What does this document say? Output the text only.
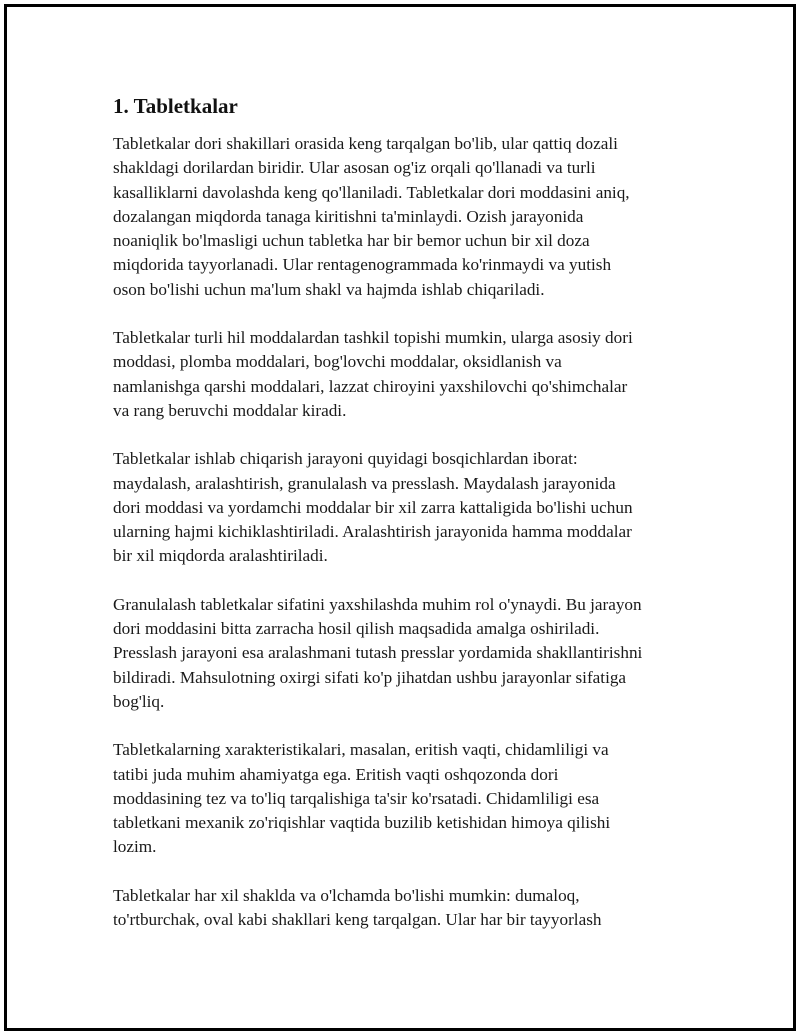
1. Tabletkalar

Tabletkalar dori shakillari orasida keng tarqalgan bo'lib, ular qattiq dozali
shakldagi dorilardan biridir. Ular asosan og'iz orqali qo'llanadi va turli
kasalliklarni davolashda keng qo'llaniladi. Tabletkalar dori moddasini aniq,
dozalangan miqdorda tanaga kiritishni ta'minlaydi. Ozish jarayonida
noaniqlik bo'lmasligi uchun tabletka har bir bemor uchun bir xil doza
miqdorida tayyorlanadi. Ular rentagenogrammada ko'rinmaydi va yutish
oson bo'lishi uchun ma'lum shakl va hajmda ishlab chiqariladi.

Tabletkalar turli hil moddalardan tashkil topishi mumkin, ularga asosiy dori
moddasi, plomba moddalari, bog'lovchi moddalar, oksidlanish va
namlanishga qarshi moddalari, lazzat chiroyini yaxshilovchi qo'shimchalar
va rang beruvchi moddalar kiradi.

Tabletkalar ishlab chiqarish jarayoni quyidagi bosqichlardan iborat:
maydalash, aralashtirish, granulalash va presslash. Maydalash jarayonida
dori moddasi va yordamchi moddalar bir xil zarra kattaligida bo'lishi uchun
ularning hajmi kichiklashtiriladi. Aralashtirish jarayonida hamma moddalar
bir xil miqdorda aralashtiriladi.

Granulalash tabletkalar sifatini yaxshilashda muhim rol o'ynaydi. Bu jarayon
dori moddasini bitta zarracha hosil qilish maqsadida amalga oshiriladi.
Presslash jarayoni esa aralashmani tutash presslar yordamida shakllantirishni
bildiradi. Mahsulotning oxirgi sifati ko'p jihatdan ushbu jarayonlar sifatiga
bog'liq.

Tabletkalarning xarakteristikalari, masalan, eritish vaqti, chidamliligi va
tatibi juda muhim ahamiyatga ega. Eritish vaqti oshqozonda dori
moddasining tez va to'liq tarqalishiga ta'sir ko'rsatadi. Chidamliligi esa
tabletkani mexanik zo'riqishlar vaqtida buzilib ketishidan himoya qilishi
lozim.

Tabletkalar har xil shaklda va o'lchamda bo'lishi mumkin: dumaloq,
to'rtburchak, oval kabi shakllari keng tarqalgan. Ular har bir tayyorlash
